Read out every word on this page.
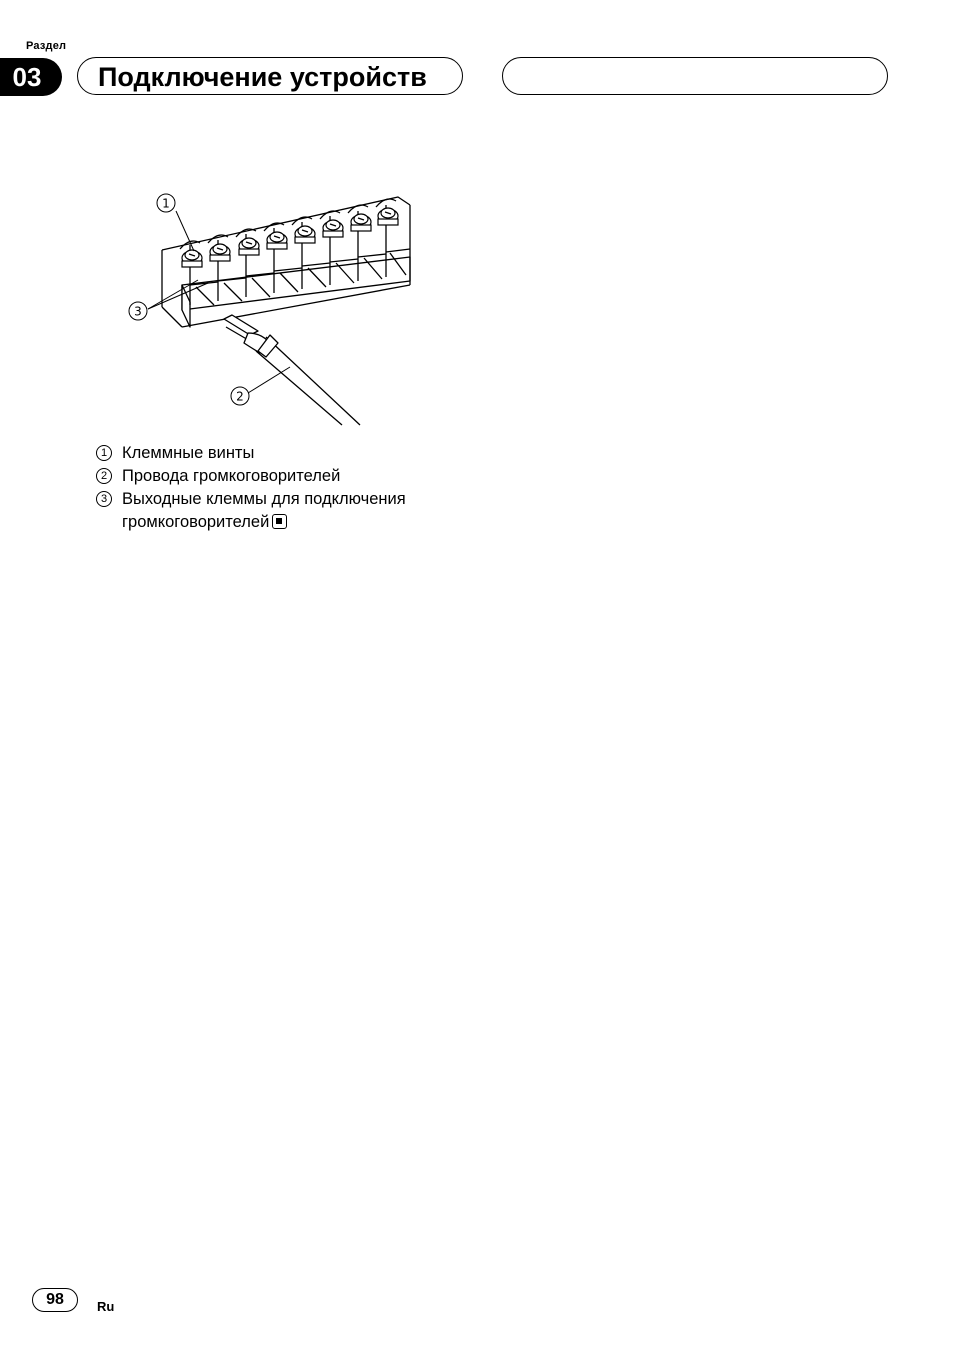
Раздел
03	Подключение устройств
1
3
2
1 Клеммные винты
2 Провода громкоговорителей
3 Выходные клеммы для подключения громкоговорителей
98	Ru
